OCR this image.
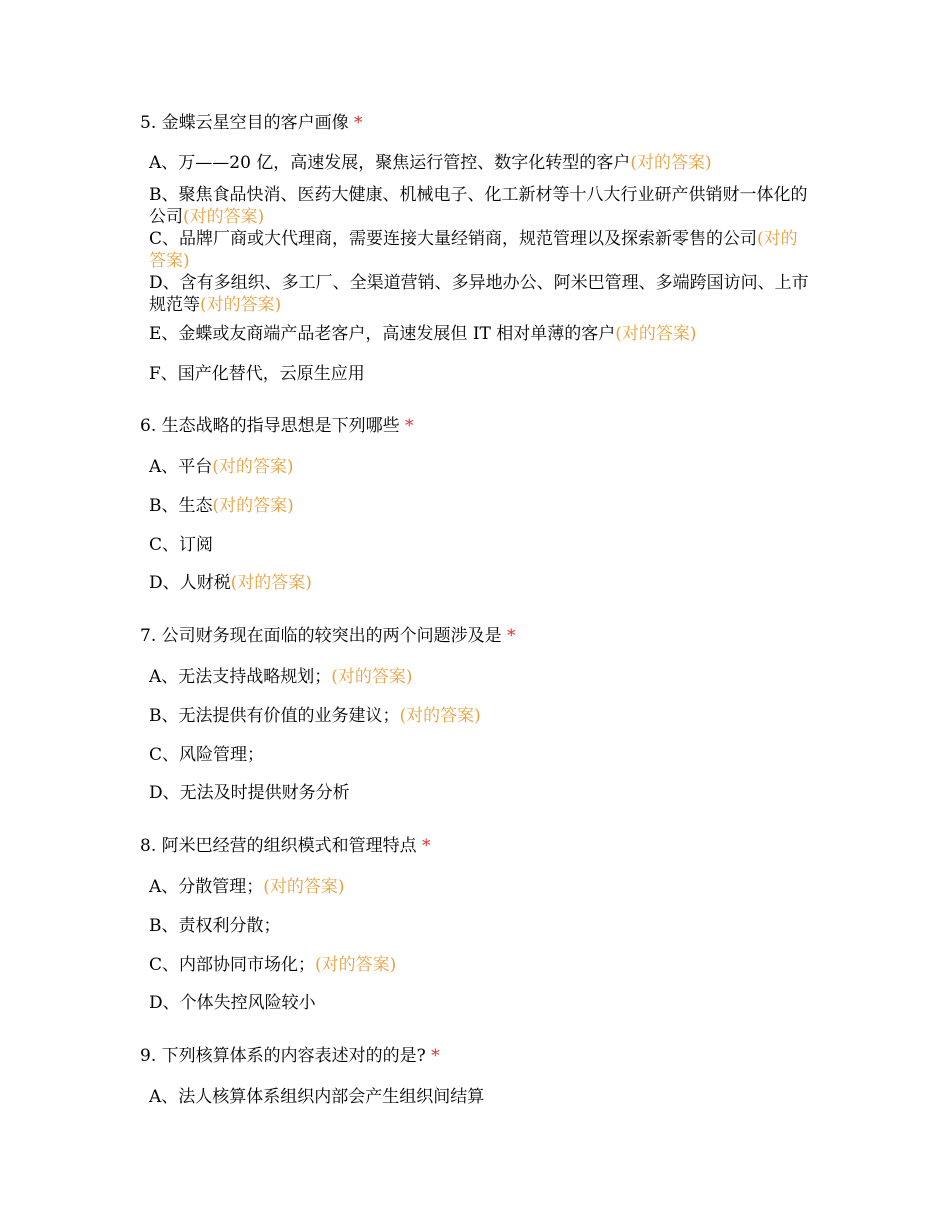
5. 金蝶云星空目的客户画像 *
A、万——20 亿，高速发展，聚焦运行管控、数字化转型的客户(对的答案)
B、聚焦食品快消、医药大健康、机械电子、化工新材等十八大行业研产供销财一体化的公司(对的答案)
C、品牌厂商或大代理商，需要连接大量经销商，规范管理以及探索新零售的公司(对的答案)
D、含有多组织、多工厂、全渠道营销、多异地办公、阿米巴管理、多端跨国访问、上市规范等(对的答案)
E、金蝶或友商端产品老客户，高速发展但 IT 相对单薄的客户(对的答案)
F、国产化替代，云原生应用
6. 生态战略的指导思想是下列哪些 *
A、平台(对的答案)
B、生态(对的答案)
C、订阅
D、人财税(对的答案)
7. 公司财务现在面临的较突出的两个问题涉及是 *
A、无法支持战略规划；(对的答案)
B、无法提供有价值的业务建议；(对的答案)
C、风险管理；
D、无法及时提供财务分析
8. 阿米巴经营的组织模式和管理特点 *
A、分散管理；(对的答案)
B、责权利分散；
C、内部协同市场化；(对的答案)
D、个体失控风险较小
9. 下列核算体系的内容表述对的的是? *
A、法人核算体系组织内部会产生组织间结算
